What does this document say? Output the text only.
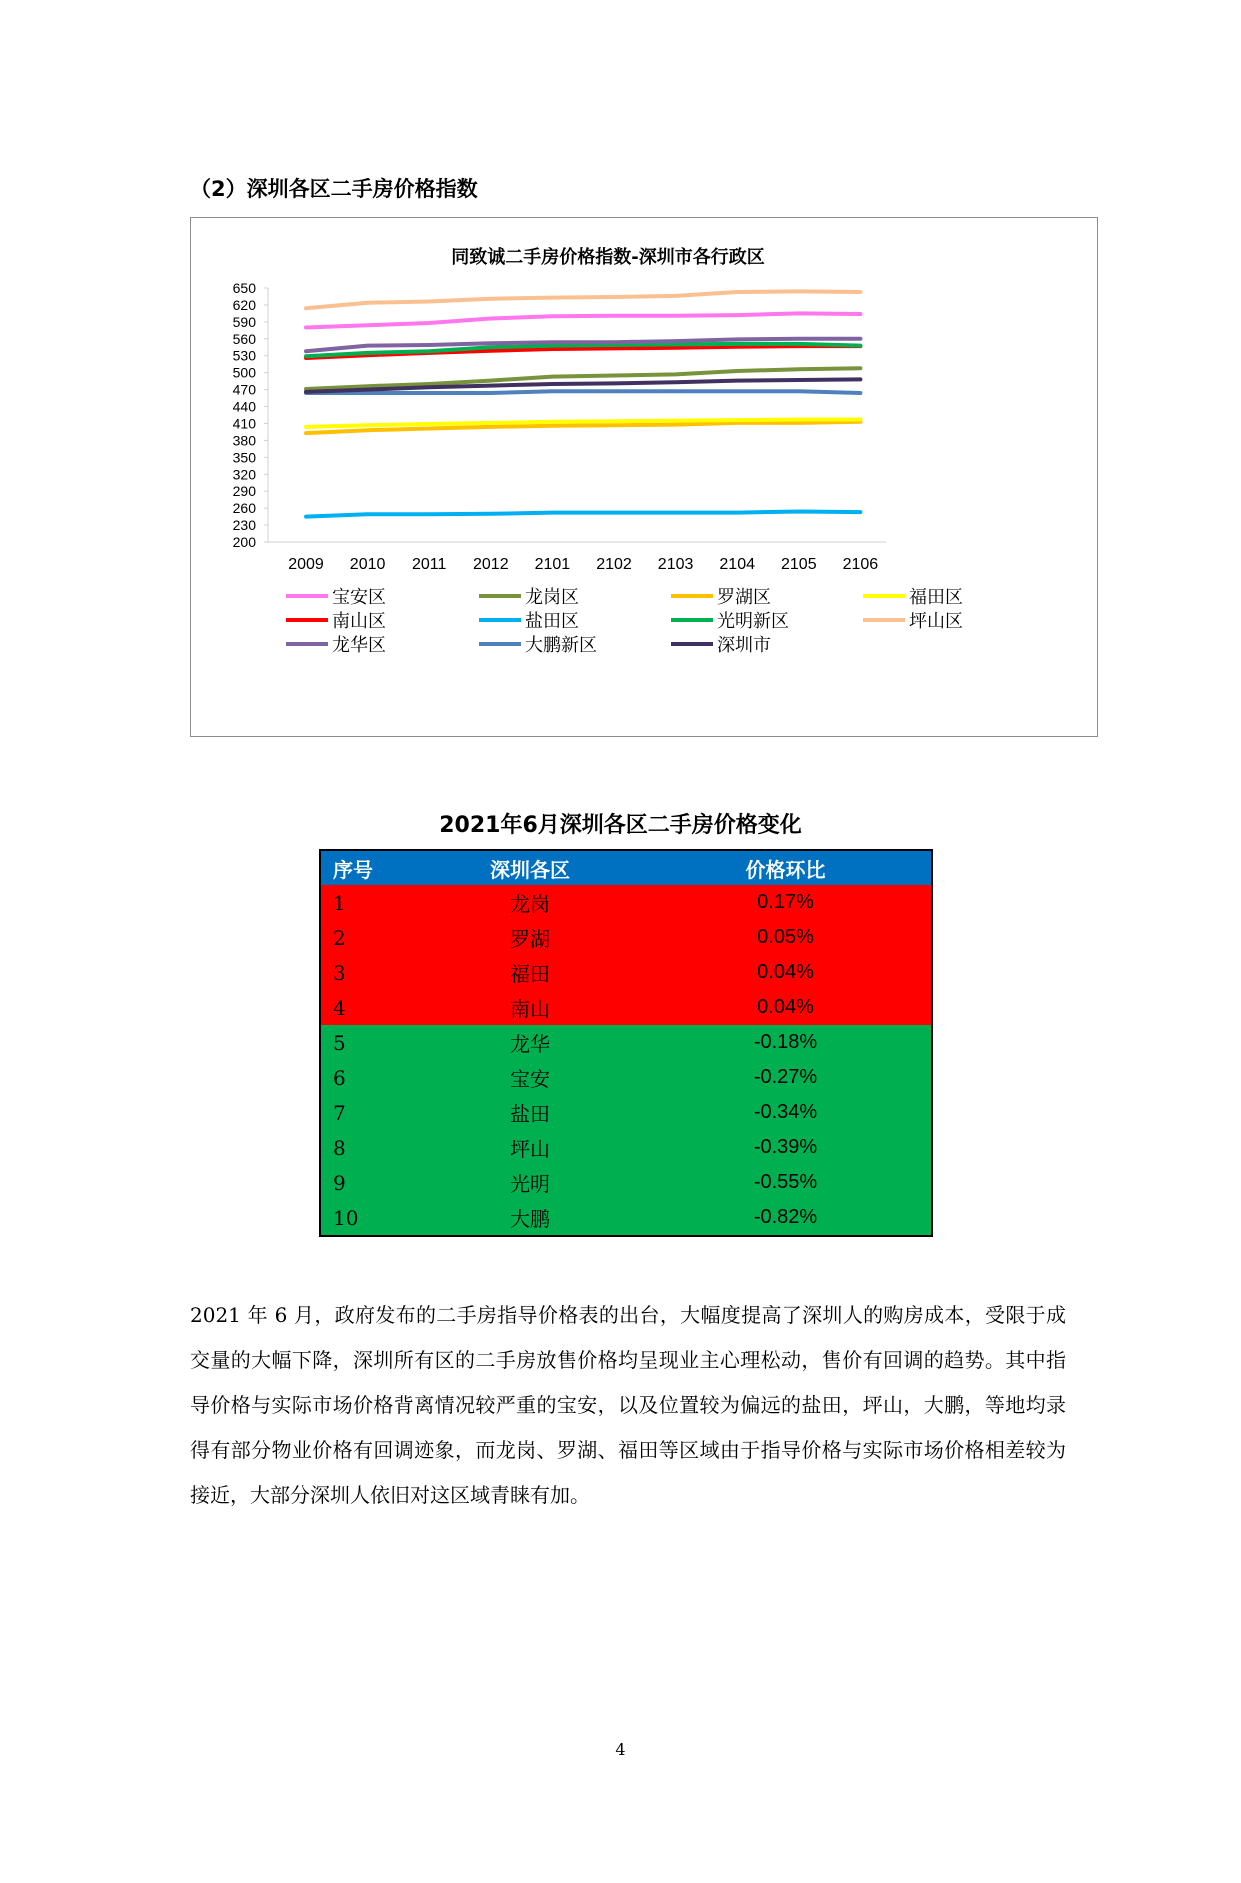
（2）深圳各区二手房价格指数
同致诚二手房价格指数-深圳市各行政区
200
230
260
290
320
350
380
410
440
470
500
530
560
590
620
650
2009 2010 2011 2012 2101 2102 2103 2104 2105 2106
宝安区	龙岗区	罗湖区	福田区
南山区	盐田区	光明新区	坪山区
龙华区	大鹏新区	深圳市
2021年6月深圳各区二手房价格变化
序号	深圳各区	价格环比
1	龙岗	0.17%
2	罗湖	0.05%
3	福田	0.04%
4	南山	0.04%
5	龙华	-0.18%
6	宝安	-0.27%
7	盐田	-0.34%
8	坪山	-0.39%
9	光明	-0.55%
10	大鹏	-0.82%
2021 年 6 月，政府发布的二手房指导价格表的出台，大幅度提高了深圳人的购房成本，受限于成交量的大幅下降，深圳所有区的二手房放售价格均呈现业主心理松动，售价有回调的趋势。其中指导价格与实际市场价格背离情况较严重的宝安，以及位置较为偏远的盐田，坪山，大鹏，等地均录得有部分物业价格有回调迹象，而龙岗、罗湖、福田等区域由于指导价格与实际市场价格相差较为接近，大部分深圳人依旧对这区域青睐有加。
4
